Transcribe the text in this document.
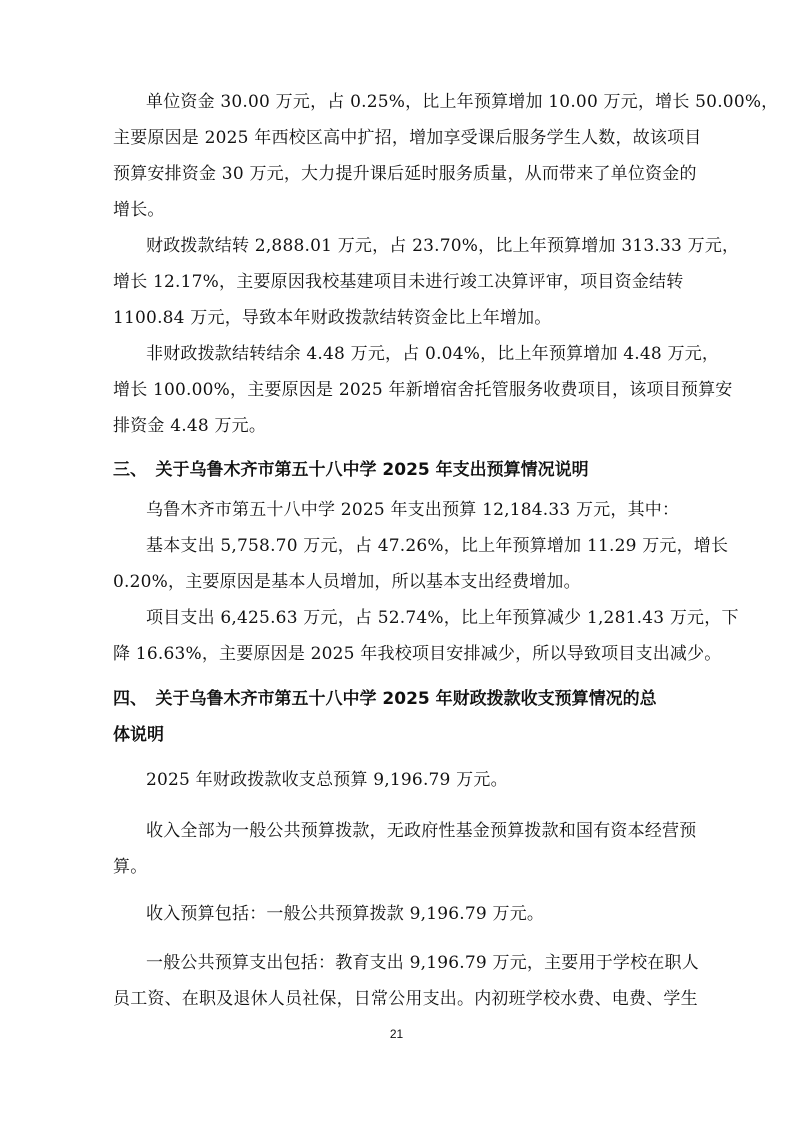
单位资金 30.00 万元，占 0.25%，比上年预算增加 10.00 万元，增长 50.00%，
主要原因是 2025 年西校区高中扩招，增加享受课后服务学生人数，故该项目
预算安排资金 30 万元，大力提升课后延时服务质量，从而带来了单位资金的
增长。
财政拨款结转 2,888.01 万元，占 23.70%，比上年预算增加 313.33 万元，
增长 12.17%，主要原因我校基建项目未进行竣工决算评审，项目资金结转
1100.84 万元，导致本年财政拨款结转资金比上年增加。
非财政拨款结转结余 4.48 万元，占 0.04%，比上年预算增加 4.48 万元，
增长 100.00%，主要原因是 2025 年新增宿舍托管服务收费项目，该项目预算安
排资金 4.48 万元。
三、　关于乌鲁木齐市第五十八中学 2025 年支出预算情况说明
乌鲁木齐市第五十八中学 2025 年支出预算 12,184.33 万元，其中：
基本支出 5,758.70 万元，占 47.26%，比上年预算增加 11.29 万元，增长
0.20%，主要原因是基本人员增加，所以基本支出经费增加。
项目支出 6,425.63 万元，占 52.74%，比上年预算减少 1,281.43 万元，下
降 16.63%，主要原因是 2025 年我校项目安排减少，所以导致项目支出减少。
四、　关于乌鲁木齐市第五十八中学 2025 年财政拨款收支预算情况的总
体说明
2025 年财政拨款收支总预算 9,196.79 万元。
收入全部为一般公共预算拨款，无政府性基金预算拨款和国有资本经营预
算。
收入预算包括：一般公共预算拨款 9,196.79 万元。
一般公共预算支出包括：教育支出 9,196.79 万元，主要用于学校在职人
员工资、在职及退休人员社保，日常公用支出。内初班学校水费、电费、学生
21
